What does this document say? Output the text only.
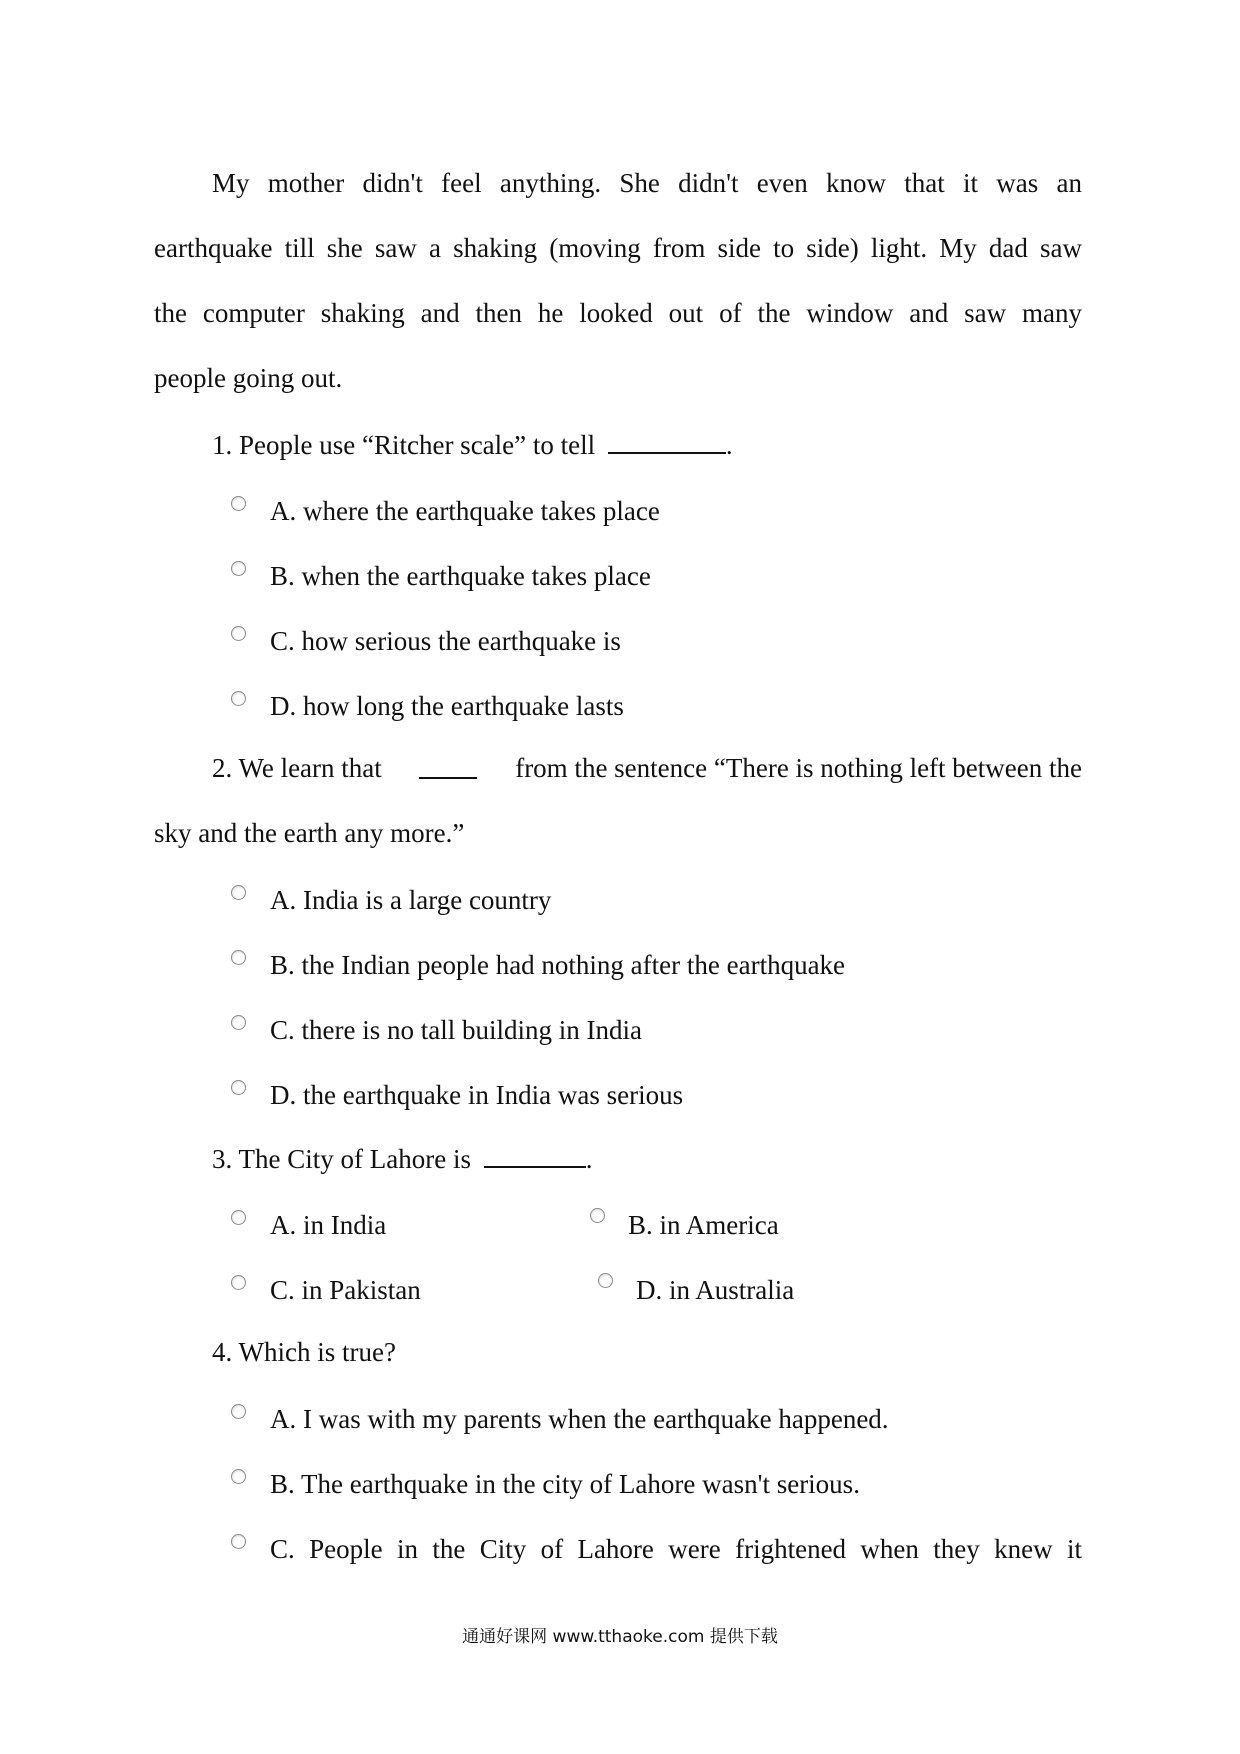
My mother didn't feel anything. She didn't even know that it was an
earthquake till she saw a shaking (moving from side to side) light. My dad saw
the computer shaking and then he looked out of the window and saw many
people going out.
1. People use “Ritcher scale” to tell	.
A. where the earthquake takes place
B. when the earthquake takes place
C. how serious the earthquake is
D. how long the earthquake lasts
2. We learn that	from the sentence “There is nothing left between the
sky and the earth any more.”
A. India is a large country
B. the Indian people had nothing after the earthquake
C. there is no tall building in India
D. the earthquake in India was serious
3. The City of Lahore is	.
A. in India	B. in America
C. in Pakistan	D. in Australia
4. Which is true?
A. I was with my parents when the earthquake happened.
B. The earthquake in the city of Lahore wasn't serious.
C. People in the City of Lahore were frightened when they knew it
通通好课网 www.tthaoke.com 提供下载
